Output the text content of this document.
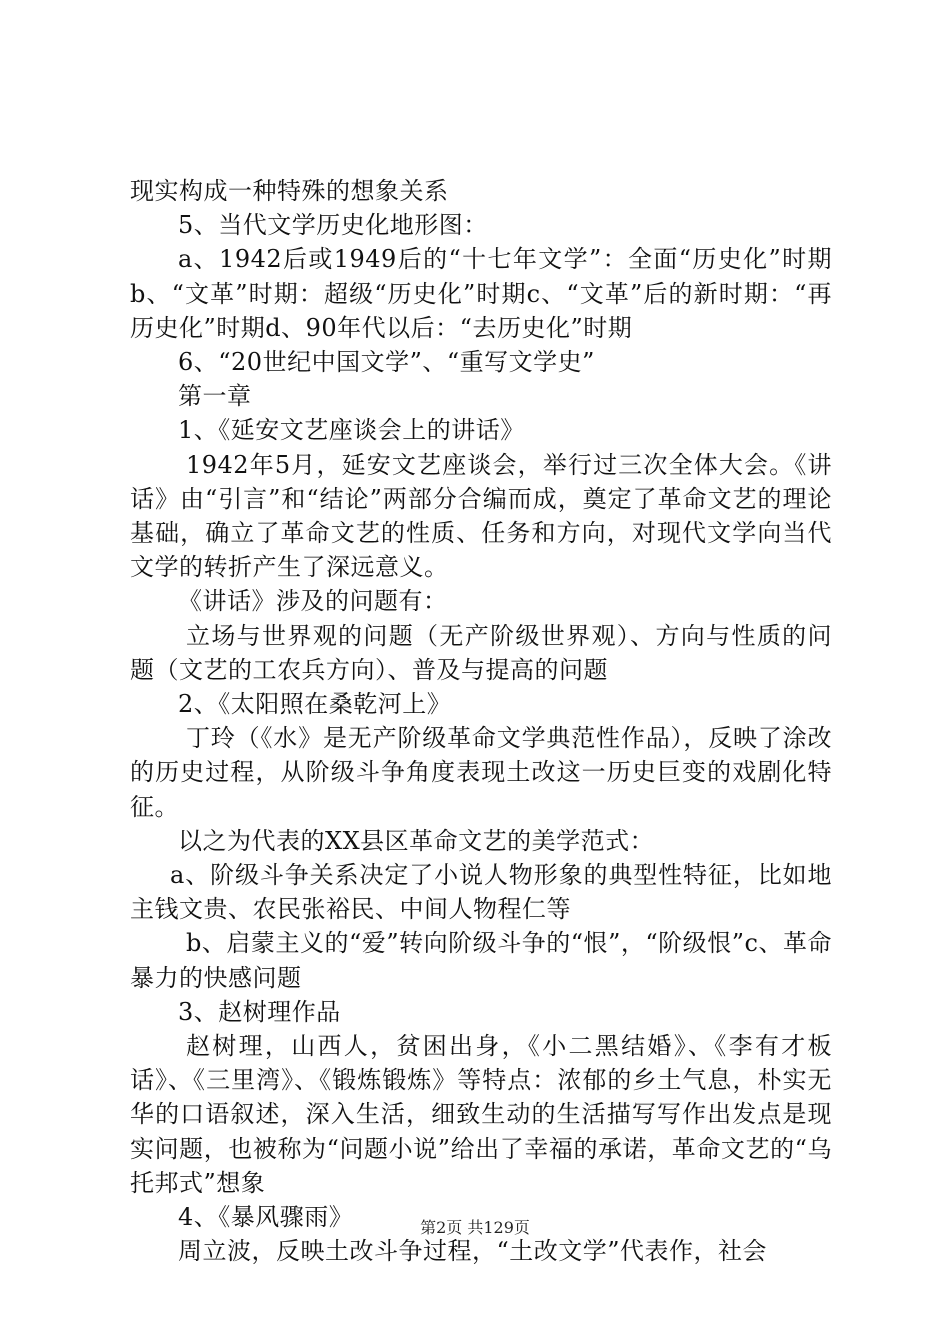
现实构成一种特殊的想象关系

5、当代文学历史化地形图：

a、1942后或1949后的“十七年文学”：全面“历史化”时期b、“文革”时期：超级“历史化”时期c、“文革”后的新时期：“再历史化”时期d、90年代以后：“去历史化”时期

6、“20世纪中国文学”、“重写文学史”

第一章

1、《延安文艺座谈会上的讲话》

1942年5月，延安文艺座谈会，举行过三次全体大会。《讲话》由“引言”和“结论”两部分合编而成，奠定了革命文艺的理论基础，确立了革命文艺的性质、任务和方向，对现代文学向当代文学的转折产生了深远意义。

《讲话》涉及的问题有：

立场与世界观的问题（无产阶级世界观）、方向与性质的问题（文艺的工农兵方向）、普及与提高的问题

2、《太阳照在桑乾河上》

丁玲（《水》是无产阶级革命文学典范性作品），反映了涂改的历史过程，从阶级斗争角度表现土改这一历史巨变的戏剧化特征。

以之为代表的XX县区革命文艺的美学范式：

a、阶级斗争关系决定了小说人物形象的典型性特征，比如地主钱文贵、农民张裕民、中间人物程仁等

b、启蒙主义的“爱”转向阶级斗争的“恨”，“阶级恨”c、革命暴力的快感问题

3、赵树理作品

赵树理，山西人，贫困出身，《小二黑结婚》、《李有才板话》、《三里湾》、《锻炼锻炼》等特点：浓郁的乡土气息，朴实无华的口语叙述，深入生活，细致生动的生活描写写作出发点是现实问题，也被称为“问题小说”给出了幸福的承诺，革命文艺的“乌托邦式”想象

4、《暴风骤雨》

周立波，反映土改斗争过程，“土改文学”代表作，社会

第2页 共129页
